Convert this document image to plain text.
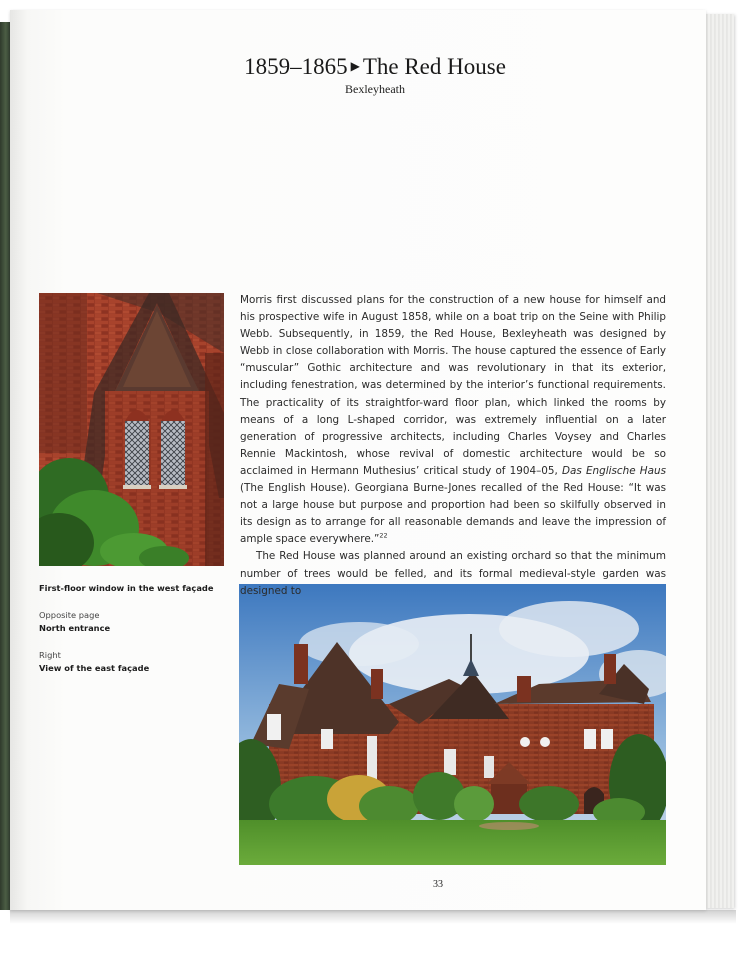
1859–1865 ▶ The Red House
Bexleyheath

Morris first discussed plans for the construction of a new house for himself and his prospective wife in August 1858, while on a boat trip on the Seine with Philip Webb. Subsequently, in 1859, the Red House, Bexleyheath was designed by Webb in close collaboration with Morris. The house captured the essence of Early “muscular” Gothic architecture and was revolutionary in that its exterior, including fenestration, was determined by the interior’s functional requirements. The practicality of its straightfor-ward floor plan, which linked the rooms by means of a long L-shaped corridor, was extremely influential on a later generation of progressive architects, including Charles Voysey and Charles Rennie Mackintosh, whose revival of domestic architecture would be so acclaimed in Hermann Muthesius’ critical study of 1904–05, Das Englische Haus (The English House). Georgiana Burne-Jones recalled of the Red House: “It was not a large house but purpose and proportion had been so skilfully observed in its design as to arrange for all reasonable demands and leave the impression of ample space everywhere.”$^{22}$

The Red House was planned around an existing orchard so that the minimum number of trees would be felled, and its formal medieval-style garden was designed to

First-floor window in the west façade
Opposite page
North entrance
Right
View of the east façade
33
